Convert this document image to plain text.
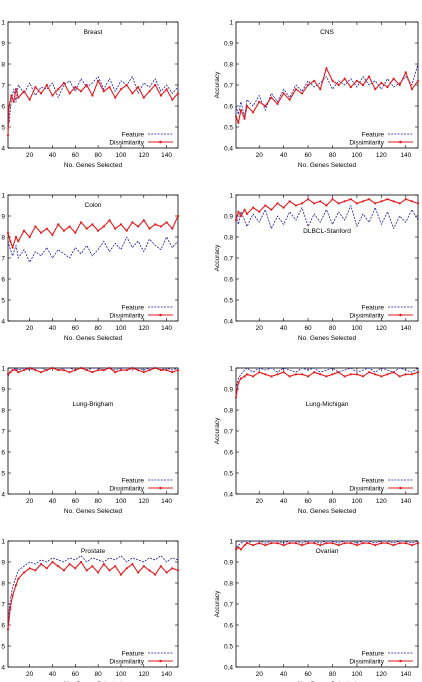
4
5
6
7
8
9
1
20 40 60 80 100 120 140
No. Genes Selected
Breast
Feature
Dissimilarity
0.4
0.5
0.6
0.7
0.8
0.9
1
20	40	60	80 100 120 140
No. Genes Selected
Accuracy
CNS
Feature
Dissimilarity
4
5
6
7
8
9
1
20 40 60 80 100 120 140
No. Genes Selected
Colon
Feature
Dissimilarity
0.4
0.5
0.6
0.7
0.8
0.9
1
20	40	60	80 100 120 140
No. Genes Selected
Accuracy
DLBCL-Stanford
Feature
Dissimilarity
4
5
6
7
8
9
1
20 40 60 80 100 120 140
No. Genes Selected
Lung-Brigham
Feature
Dissimilarity
0.4
0.5
0.6
0.7
0.8
0.9
1
20	40	60	80 100 120 140
No. Genes Selected
Accuracy
Lung-Michigan
Feature
Dissimilarity
4
5
6
7
8
9
1
20 40 60 80 100 120 140
Prostate
Feature
Dissimilarity
0.4
0.5
0.6
0.7
0.8
0.9
1
20	40	60	80 100 120 140
Accuracy
Ovarian
Feature
Dissimilarity
